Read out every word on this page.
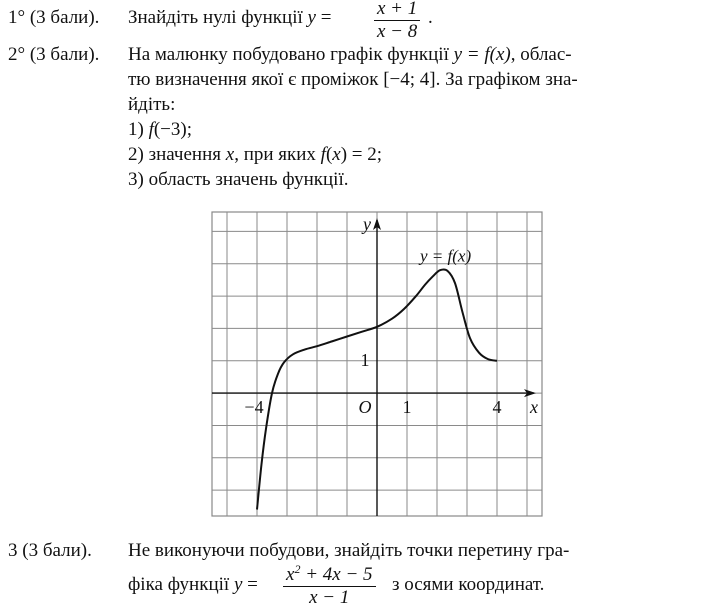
1° (3 бали). Знайдіть нулі функції $y = \frac{x + 1}{x - 8}$ .
2° (3 бали). На малюнку побудовано графік функції y = f(x), облас-
тю визначення якої є проміжок [−4; 4]. За графіком зна-
йдіть:
1) f(−3);
2) значення x, при яких f(x) = 2;
3) область значень функції.
y
x
O
−4	1	4
1
y = f(x)
3 (3 бали). Не виконуючи побудови, знайдіть точки перетину гра-
фіка функції $y = \frac{x^2 + 4x - 5}{x - 1}$ з осями координат.
